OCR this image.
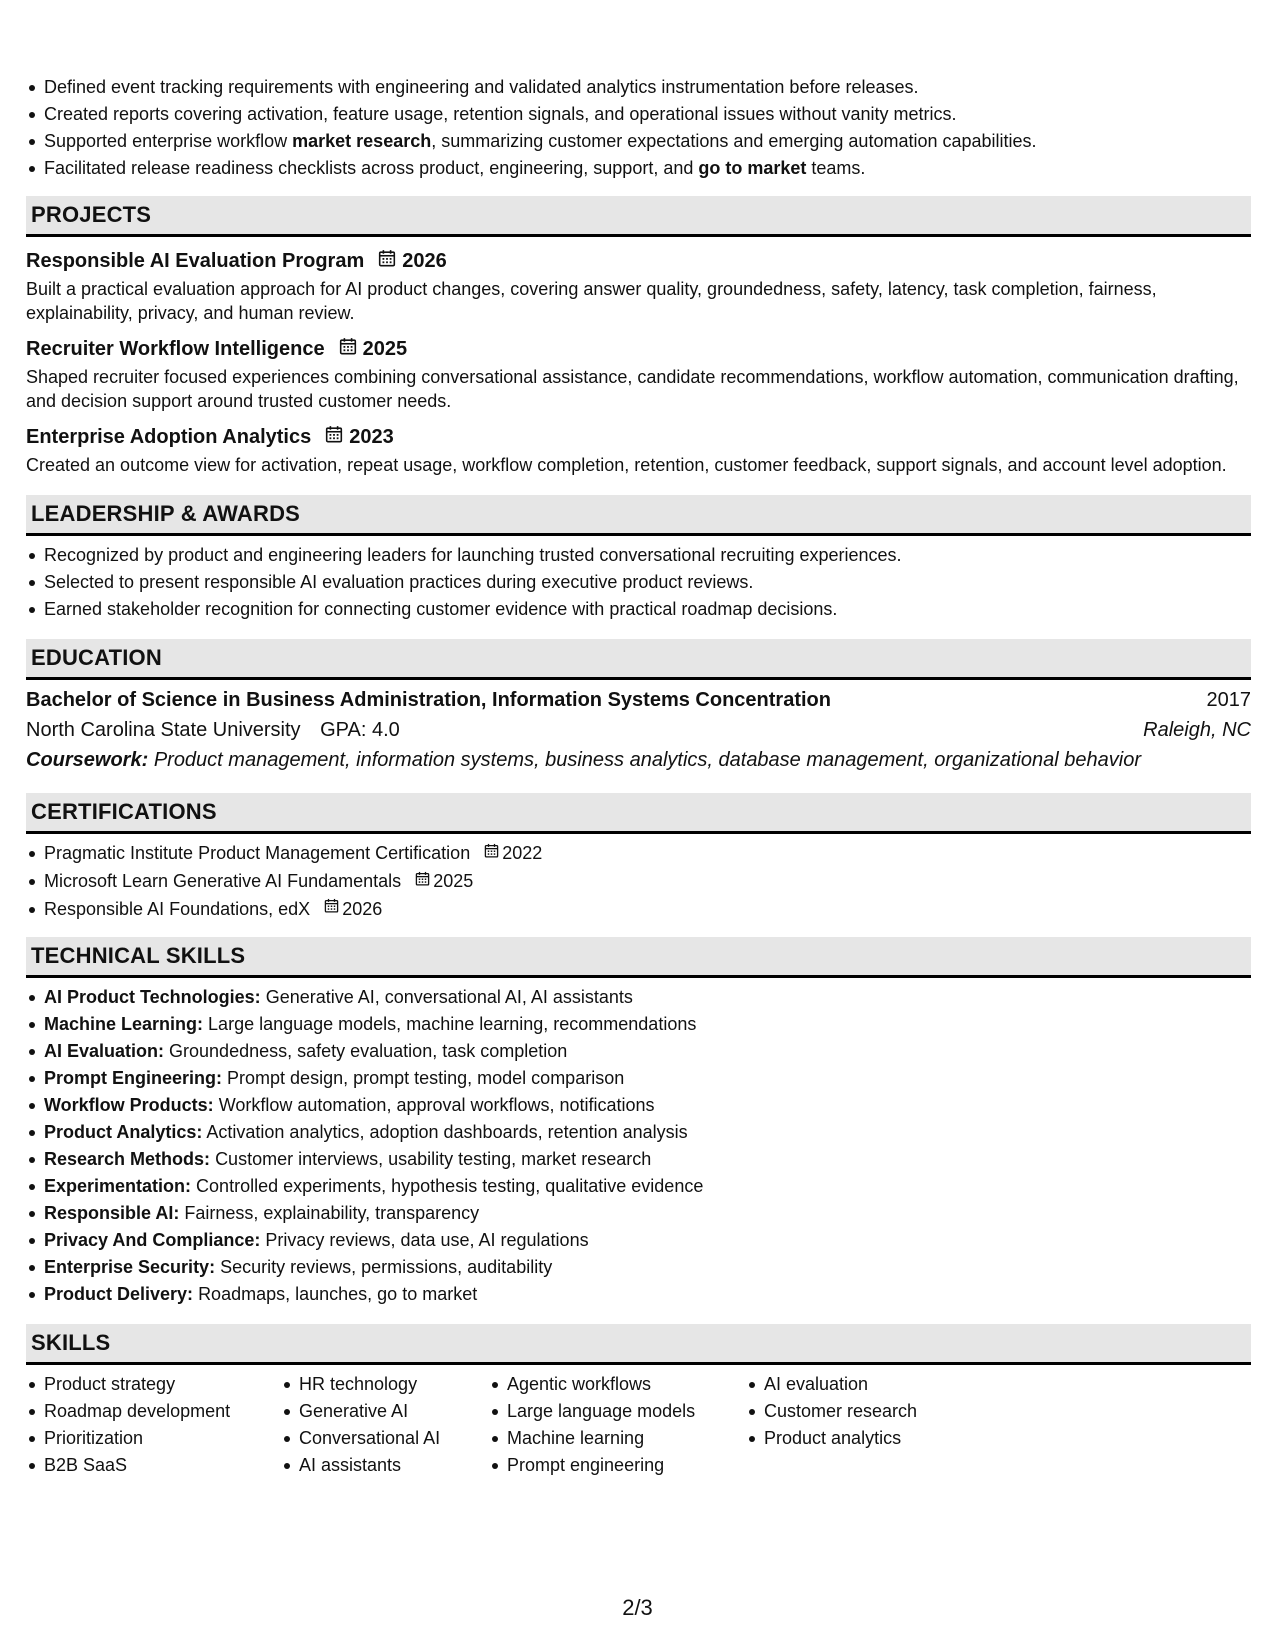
Defined event tracking requirements with engineering and validated analytics instrumentation before releases.
Created reports covering activation, feature usage, retention signals, and operational issues without vanity metrics.
Supported enterprise workflow market research, summarizing customer expectations and emerging automation capabilities.
Facilitated release readiness checklists across product, engineering, support, and go to market teams.
PROJECTS
Responsible AI Evaluation Program 2026
Built a practical evaluation approach for AI product changes, covering answer quality, groundedness, safety, latency, task completion, fairness, explainability, privacy, and human review.
Recruiter Workflow Intelligence 2025
Shaped recruiter focused experiences combining conversational assistance, candidate recommendations, workflow automation, communication drafting, and decision support around trusted customer needs.
Enterprise Adoption Analytics 2023
Created an outcome view for activation, repeat usage, workflow completion, retention, customer feedback, support signals, and account level adoption.
LEADERSHIP & AWARDS
Recognized by product and engineering leaders for launching trusted conversational recruiting experiences.
Selected to present responsible AI evaluation practices during executive product reviews.
Earned stakeholder recognition for connecting customer evidence with practical roadmap decisions.
EDUCATION
Bachelor of Science in Business Administration, Information Systems Concentration	2017
North Carolina State University GPA: 4.0	Raleigh, NC
Coursework: Product management, information systems, business analytics, database management, organizational behavior
CERTIFICATIONS
Pragmatic Institute Product Management Certification 2022
Microsoft Learn Generative AI Fundamentals 2025
Responsible AI Foundations, edX 2026
TECHNICAL SKILLS
AI Product Technologies: Generative AI, conversational AI, AI assistants
Machine Learning: Large language models, machine learning, recommendations
AI Evaluation: Groundedness, safety evaluation, task completion
Prompt Engineering: Prompt design, prompt testing, model comparison
Workflow Products: Workflow automation, approval workflows, notifications
Product Analytics: Activation analytics, adoption dashboards, retention analysis
Research Methods: Customer interviews, usability testing, market research
Experimentation: Controlled experiments, hypothesis testing, qualitative evidence
Responsible AI: Fairness, explainability, transparency
Privacy And Compliance: Privacy reviews, data use, AI regulations
Enterprise Security: Security reviews, permissions, auditability
Product Delivery: Roadmaps, launches, go to market
SKILLS
Product strategy
Roadmap development
Prioritization
B2B SaaS
HR technology
Generative AI
Conversational AI
AI assistants
Agentic workflows
Large language models
Machine learning
Prompt engineering
AI evaluation
Customer research
Product analytics
2/3
